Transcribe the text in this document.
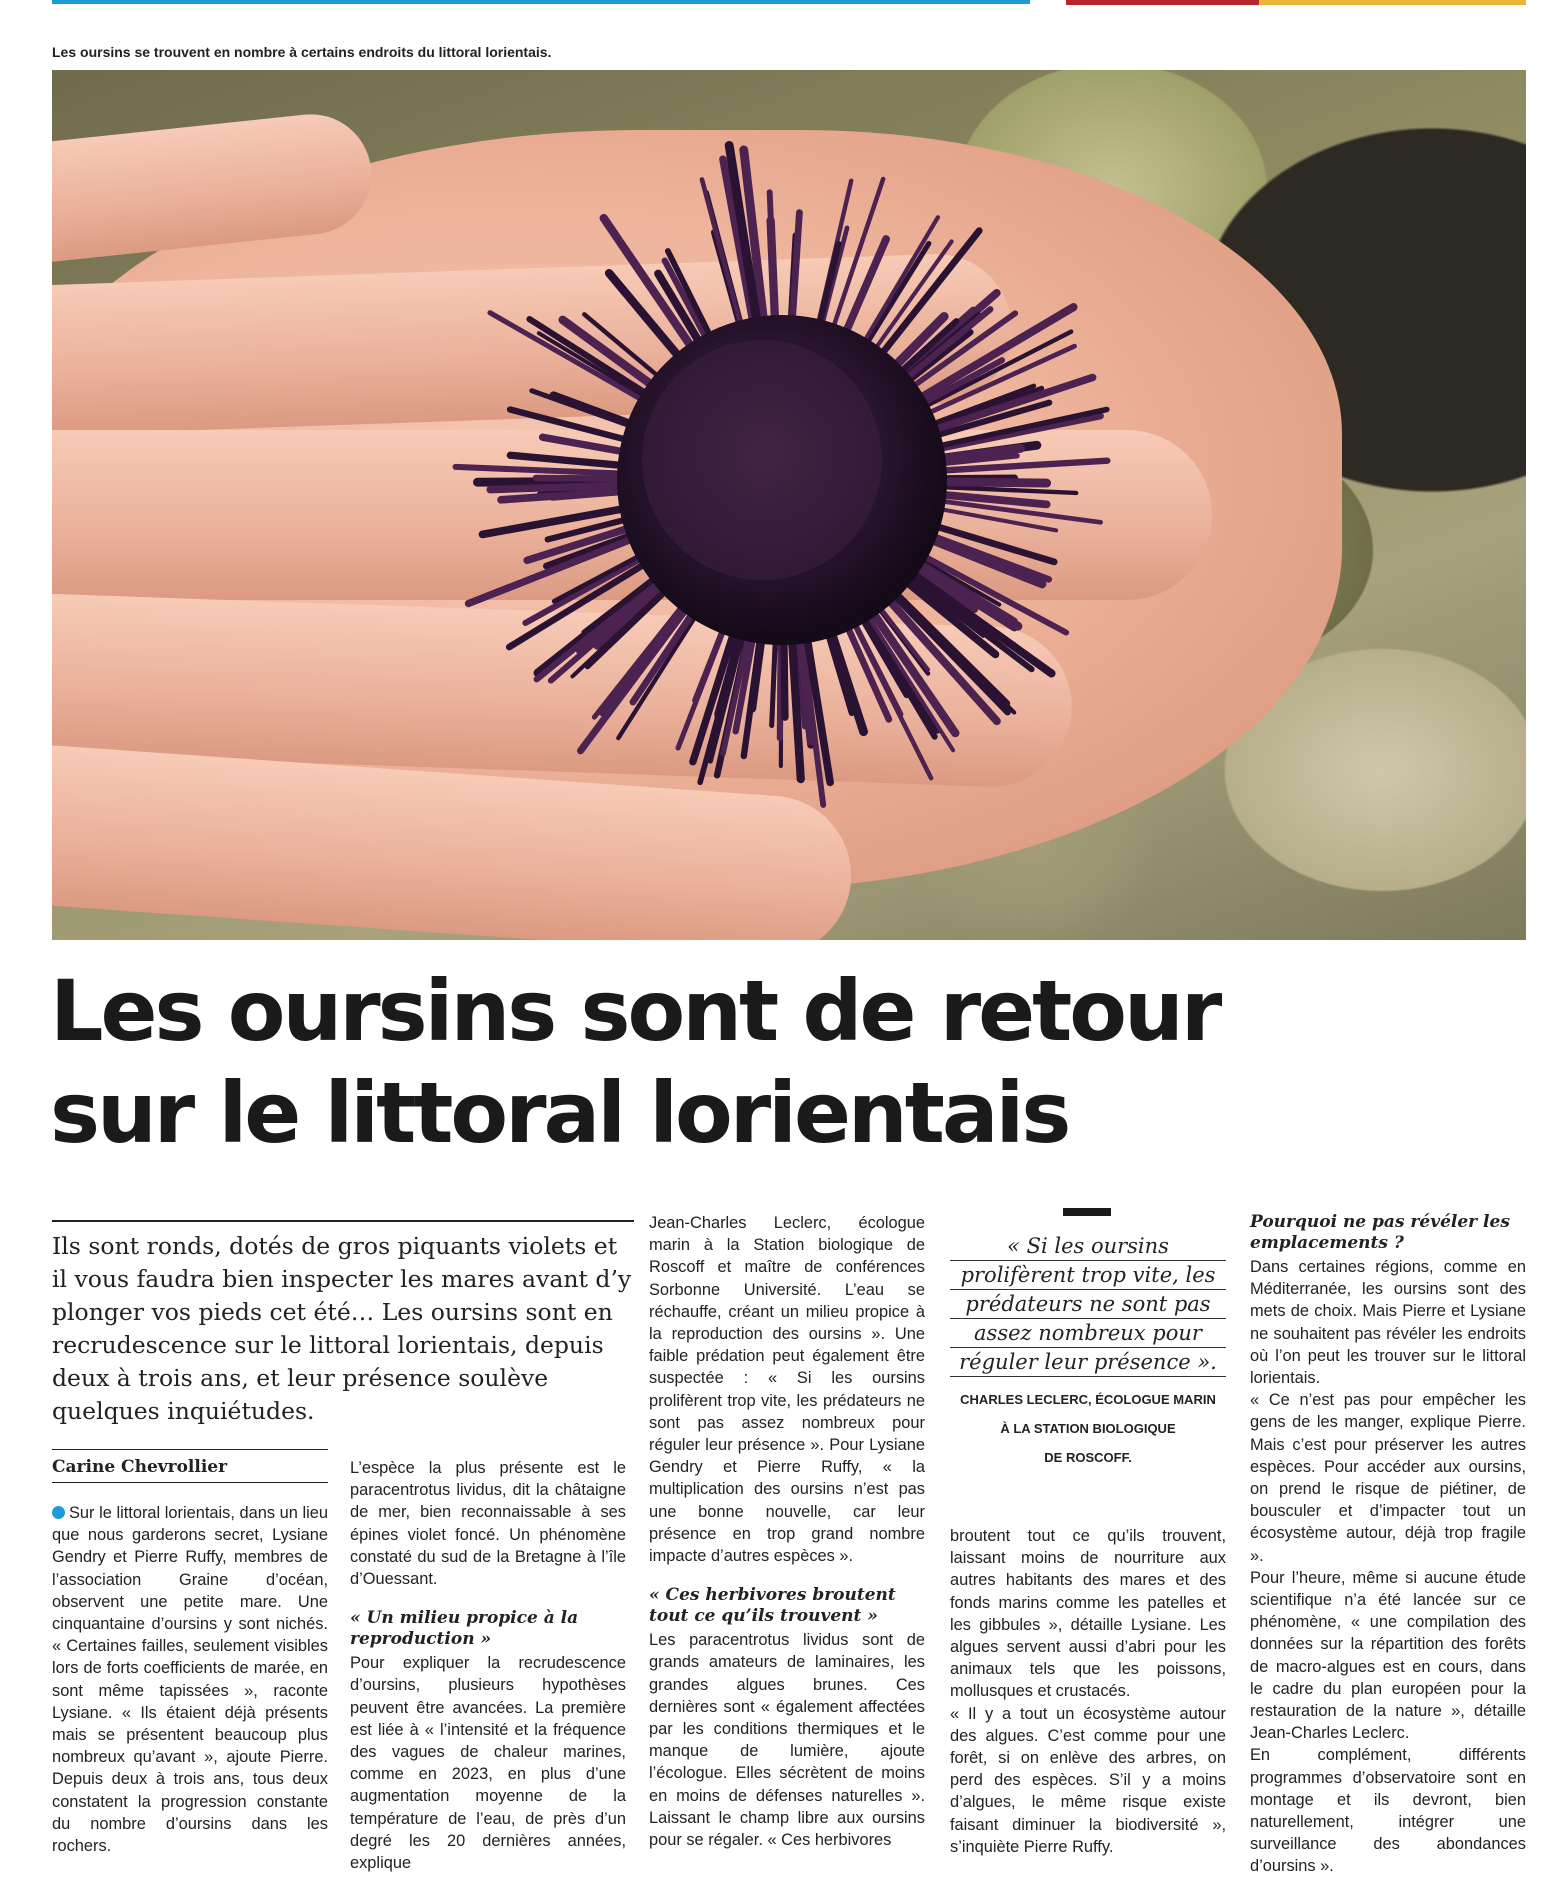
Les oursins se trouvent en nombre à certains endroits du littoral lorientais.
Les oursins sont de retour
sur le littoral lorientais

Ils sont ronds, dotés de gros piquants violets et il vous faudra bien inspecter les mares avant d’y plonger vos pieds cet été… Les oursins sont en recrudescence sur le littoral lorientais, depuis deux à trois ans, et leur présence soulève quelques inquiétudes.

Carine Chevrollier

Sur le littoral lorientais, dans un lieu que nous garderons secret, Lysiane Gendry et Pierre Ruffy, membres de l’association Graine d’océan, observent une petite mare. Une cinquantaine d’oursins y sont nichés. « Certaines failles, seulement visibles lors de forts coefficients de marée, en sont même tapissées », raconte Lysiane. « Ils étaient déjà présents mais se présentent beaucoup plus nombreux qu’avant », ajoute Pierre. Depuis deux à trois ans, tous deux constatent la progression constante du nombre d’oursins dans les rochers.

L’espèce la plus présente est le paracentrotus lividus, dit la châtaigne de mer, bien reconnaissable à ses épines violet foncé. Un phénomène constaté du sud de la Bretagne à l’île d’Ouessant.

« Un milieu propice à la reproduction »

Pour expliquer la recrudescence d’oursins, plusieurs hypothèses peuvent être avancées. La première est liée à « l’intensité et la fréquence des vagues de chaleur marines, comme en 2023, en plus d’une augmentation moyenne de la température de l’eau, de près d’un degré les 20 dernières années, explique

Jean-Charles Leclerc, écologue marin à la Station biologique de Roscoff et maître de conférences Sorbonne Université. L’eau se réchauffe, créant un milieu propice à la reproduction des oursins ». Une faible prédation peut également être suspectée : « Si les oursins prolifèrent trop vite, les prédateurs ne sont pas assez nombreux pour réguler leur présence ». Pour Lysiane Gendry et Pierre Ruffy, « la multiplication des oursins n’est pas une bonne nouvelle, car leur présence en trop grand nombre impacte d’autres espèces ».

« Ces herbivores broutent tout ce qu’ils trouvent »

Les paracentrotus lividus sont de grands amateurs de laminaires, les grandes algues brunes. Ces dernières sont « également affectées par les conditions thermiques et le manque de lumière, ajoute l’écologue. Elles sécrètent de moins en moins de défenses naturelles ». Laissant le champ libre aux oursins pour se régaler. « Ces herbivores

« Si les oursins
prolifèrent trop vite, les
prédateurs ne sont pas
assez nombreux pour
réguler leur présence ».
CHARLES LECLERC, ÉCOLOGUE MARIN
À LA STATION BIOLOGIQUE
DE ROSCOFF.

broutent tout ce qu’ils trouvent, laissant moins de nourriture aux autres habitants des mares et des fonds marins comme les patelles et les gibbules », détaille Lysiane. Les algues servent aussi d’abri pour les animaux tels que les poissons, mollusques et crustacés.

« Il y a tout un écosystème autour des algues. C’est comme pour une forêt, si on enlève des arbres, on perd des espèces. S’il y a moins d’algues, le même risque existe faisant diminuer la biodiversité », s’inquiète Pierre Ruffy.

Pourquoi ne pas révéler les emplacements ?

Dans certaines régions, comme en Méditerranée, les oursins sont des mets de choix. Mais Pierre et Lysiane ne souhaitent pas révéler les endroits où l’on peut les trouver sur le littoral lorientais.

« Ce n’est pas pour empêcher les gens de les manger, explique Pierre. Mais c’est pour préserver les autres espèces. Pour accéder aux oursins, on prend le risque de piétiner, de bousculer et d’impacter tout un écosystème autour, déjà trop fragile ».

Pour l’heure, même si aucune étude scientifique n’a été lancée sur ce phénomène, « une compilation des données sur la répartition des forêts de macro-algues est en cours, dans le cadre du plan européen pour la restauration de la nature », détaille Jean-Charles Leclerc.

En complément, différents programmes d’observatoire sont en montage et ils devront, bien naturellement, intégrer une surveillance des abondances d’oursins ».
